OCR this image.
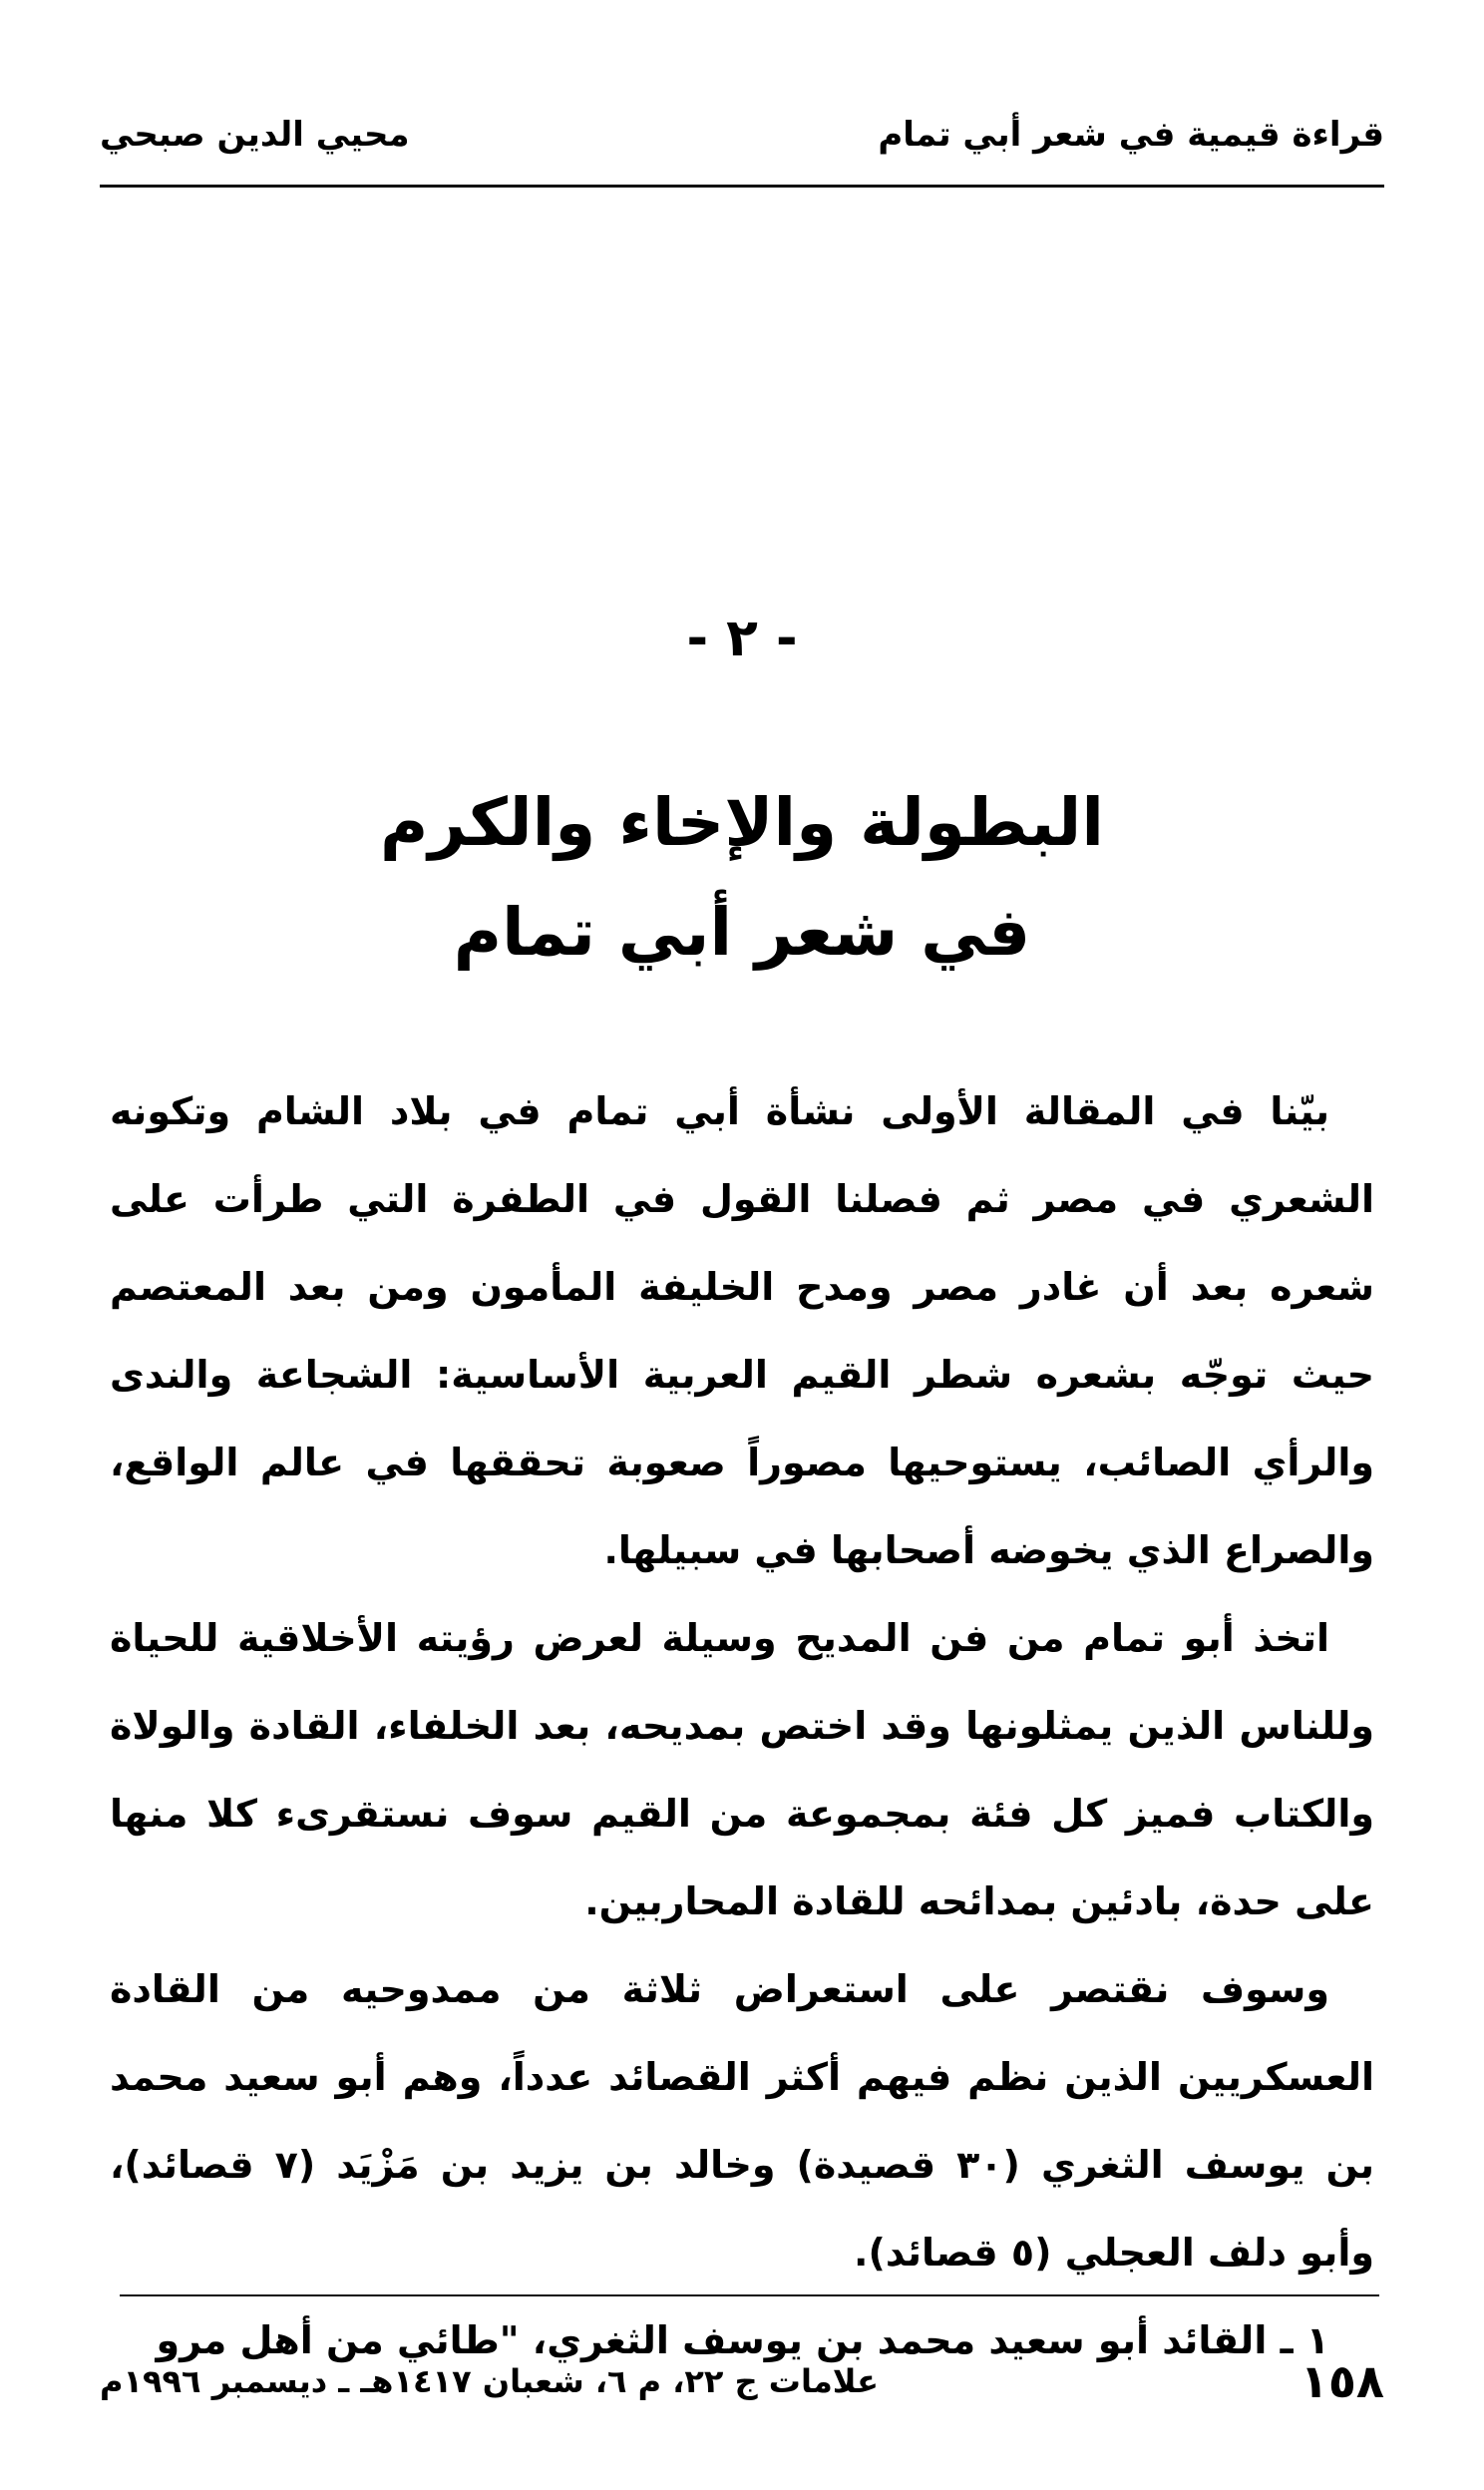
قراءة قيمية في شعر أبي تمام
محيي الدين صبحي
- ٢ -
البطولة والإخاء والكرم
في شعر أبي تمام

بيّنا في المقالة الأولى نشأة أبي تمام في بلاد الشام وتكونه الشعري في مصر ثم فصلنا القول في الطفرة التي طرأت على شعره بعد أن غادر مصر ومدح الخليفة المأمون ومن بعد المعتصم حيث توجّه بشعره شطر القيم العربية الأساسية: الشجاعة والندى والرأي الصائب، يستوحيها مصوراً صعوبة تحققها في عالم الواقع، والصراع الذي يخوضه أصحابها في سبيلها.

اتخذ أبو تمام من فن المديح وسيلة لعرض رؤيته الأخلاقية للحياة وللناس الذين يمثلونها وقد اختص بمديحه، بعد الخلفاء، القادة والولاة والكتاب فميز كل فئة بمجموعة من القيم سوف نستقرىء كلا منها على حدة، بادئين بمدائحه للقادة المحاربين.

وسوف نقتصر على استعراض ثلاثة من ممدوحيه من القادة العسكريين الذين نظم فيهم أكثر القصائد عدداً، وهم أبو سعيد محمد بن يوسف الثغري (٣٠ قصيدة) وخالد بن يزيد بن مَزْيَد (٧ قصائد)، وأبو دلف العجلي (٥ قصائد).

١ ـ القائد أبو سعيد محمد بن يوسف الثغري، "طائي من أهل مرو

١٥٨
علامات ج ٢٢، م ٦، شعبان ١٤١٧هـ ـ ديسمبر ١٩٩٦م
